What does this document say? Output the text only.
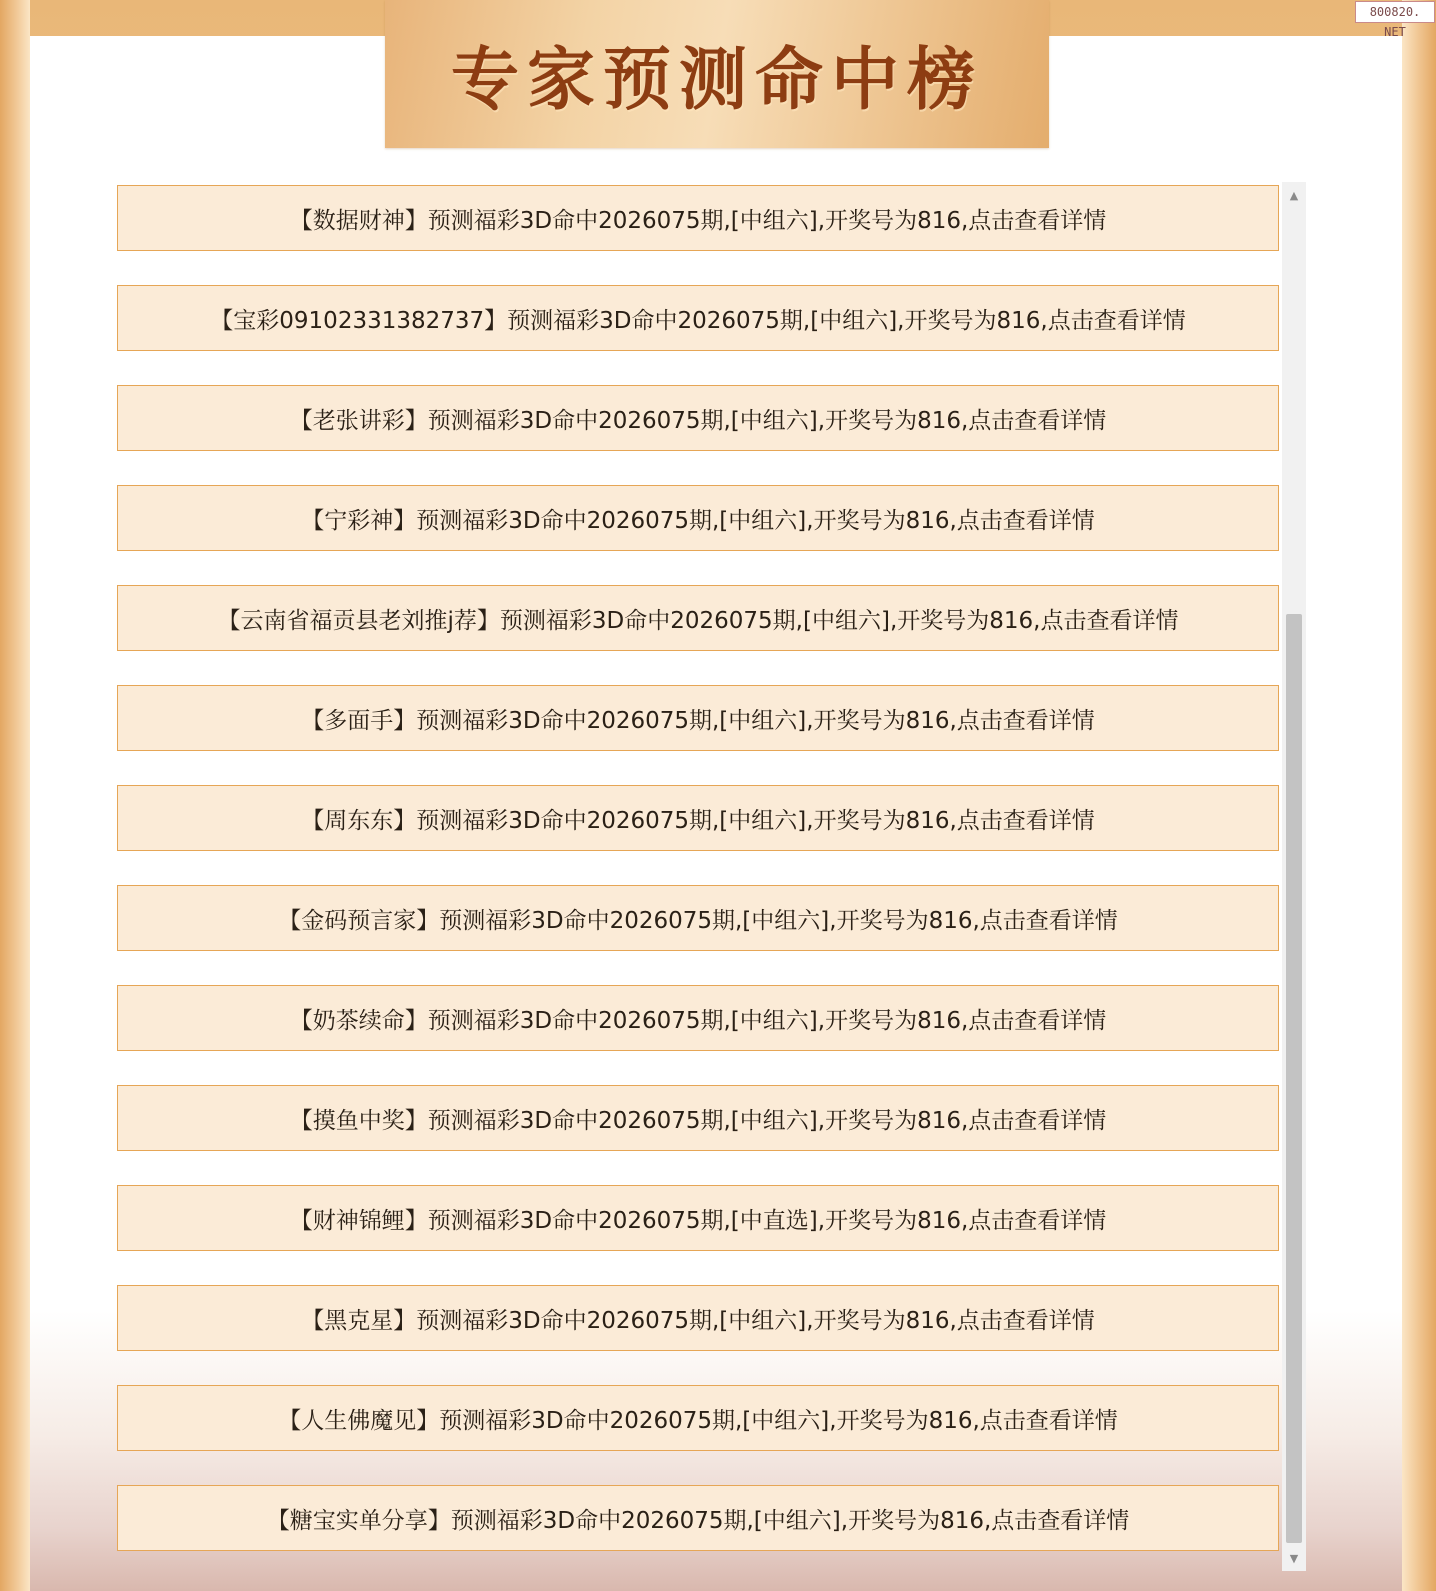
专家预测命中榜
800820. NET
【数据财神】预测福彩3D命中2026075期,[中组六],开奖号为816,点击查看详情
【宝彩09102331382737】预测福彩3D命中2026075期,[中组六],开奖号为816,点击查看详情
【老张讲彩】预测福彩3D命中2026075期,[中组六],开奖号为816,点击查看详情
【宁彩神】预测福彩3D命中2026075期,[中组六],开奖号为816,点击查看详情
【云南省福贡县老刘推j荐】预测福彩3D命中2026075期,[中组六],开奖号为816,点击查看详情
【多面手】预测福彩3D命中2026075期,[中组六],开奖号为816,点击查看详情
【周东东】预测福彩3D命中2026075期,[中组六],开奖号为816,点击查看详情
【金码预言家】预测福彩3D命中2026075期,[中组六],开奖号为816,点击查看详情
【奶茶续命】预测福彩3D命中2026075期,[中组六],开奖号为816,点击查看详情
【摸鱼中奖】预测福彩3D命中2026075期,[中组六],开奖号为816,点击查看详情
【财神锦鲤】预测福彩3D命中2026075期,[中直选],开奖号为816,点击查看详情
【黑克星】预测福彩3D命中2026075期,[中组六],开奖号为816,点击查看详情
【人生佛魔见】预测福彩3D命中2026075期,[中组六],开奖号为816,点击查看详情
【糖宝实单分享】预测福彩3D命中2026075期,[中组六],开奖号为816,点击查看详情
▲
▼
